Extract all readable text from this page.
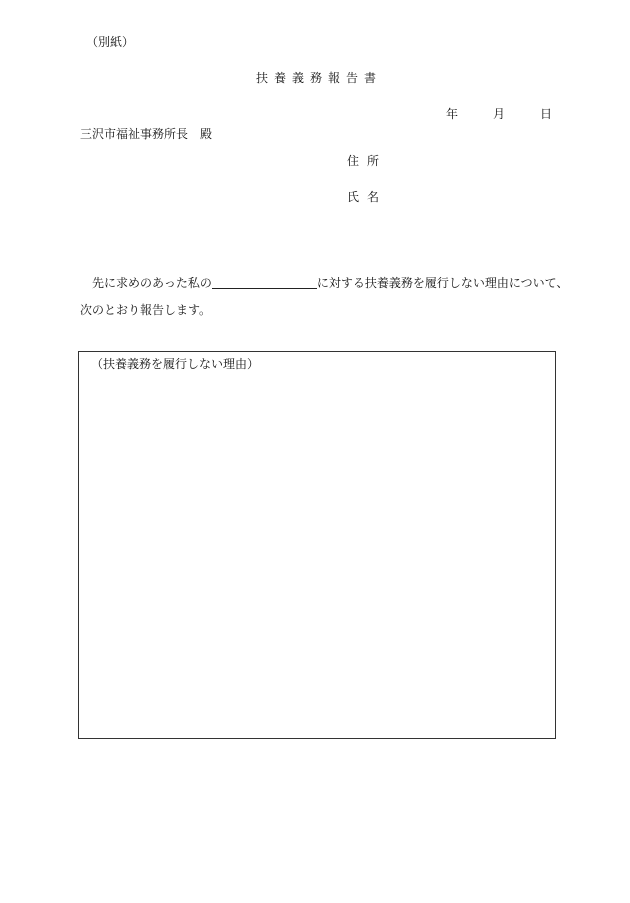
（別紙）
扶養義務報告書
年	月	日
三沢市福祉事務所長　殿
住所
氏名
先に求めのあった私の	に対する扶養義務を履行しない理由について、
次のとおり報告します。
（扶養義務を履行しない理由）
